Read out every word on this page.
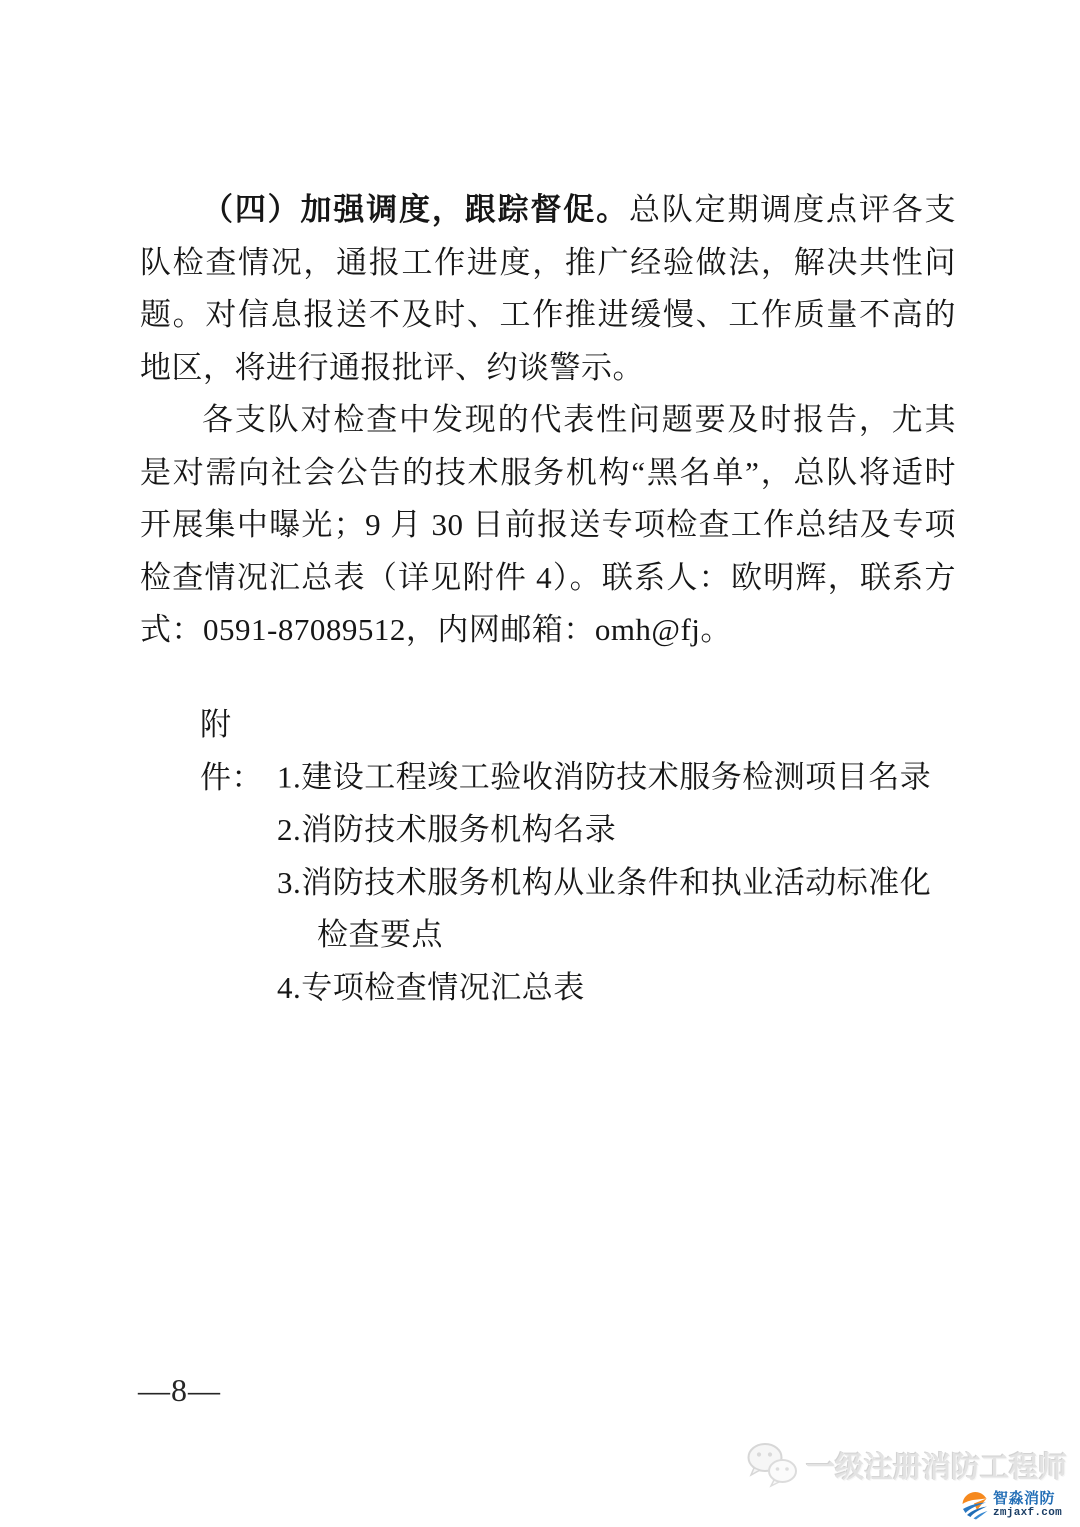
（四）加强调度，跟踪督促。总队定期调度点评各支队检查情况，通报工作进度，推广经验做法，解决共性问题。对信息报送不及时、工作推进缓慢、工作质量不高的地区，将进行通报批评、约谈警示。

各支队对检查中发现的代表性问题要及时报告，尤其是对需向社会公告的技术服务机构“黑名单”，总队将适时开展集中曝光；9 月 30 日前报送专项检查工作总结及专项检查情况汇总表（详见附件 4）。联系人：欧明辉，联系方式：0591-87089512，内网邮箱：omh@fj。

附件： 1.建设工程竣工验收消防技术服务检测项目名录
2.消防技术服务机构名录
3.消防技术服务机构从业条件和执业活动标准化
检查要点
4.专项检查情况汇总表
—8—
一级注册消防工程师
智淼消防
zmjaxf.com
